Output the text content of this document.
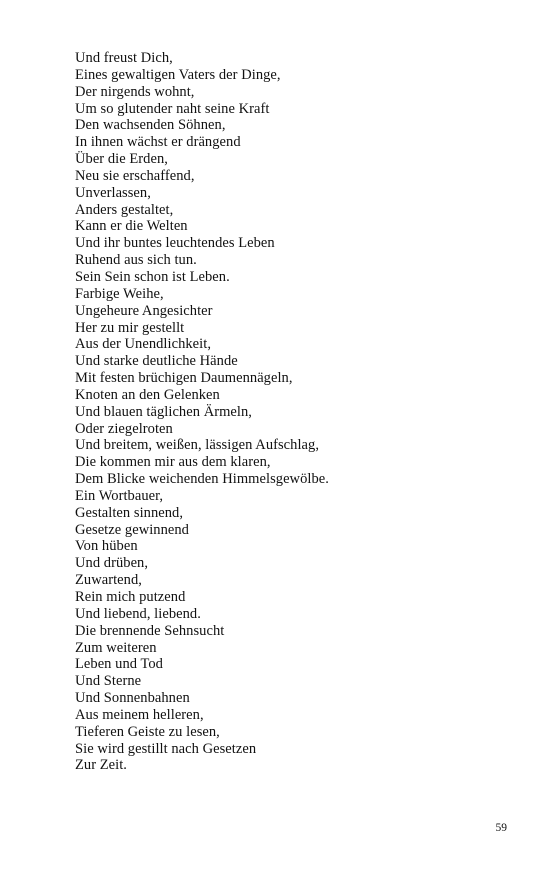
Und freust Dich,
Eines gewaltigen Vaters der Dinge,
Der nirgends wohnt,
Um so glutender naht seine Kraft
Den wachsenden Söhnen,
In ihnen wächst er drängend
Über die Erden,
Neu sie erschaffend,
Unverlassen,
Anders gestaltet,
Kann er die Welten
Und ihr buntes leuchtendes Leben
Ruhend aus sich tun.
Sein Sein schon ist Leben.
Farbige Weihe,
Ungeheure Angesichter
Her zu mir gestellt
Aus der Unendlichkeit,
Und starke deutliche Hände
Mit festen brüchigen Daumennägeln,
Knoten an den Gelenken
Und blauen täglichen Ärmeln,
Oder ziegelroten
Und breitem, weißen, lässigen Aufschlag,
Die kommen mir aus dem klaren,
Dem Blicke weichenden Himmelsgewölbe.
Ein Wortbauer,
Gestalten sinnend,
Gesetze gewinnend
Von hüben
Und drüben,
Zuwartend,
Rein mich putzend
Und liebend, liebend.
Die brennende Sehnsucht
Zum weiteren
Leben und Tod
Und Sterne
Und Sonnenbahnen
Aus meinem helleren,
Tieferen Geiste zu lesen,
Sie wird gestillt nach Gesetzen
Zur Zeit.
59
